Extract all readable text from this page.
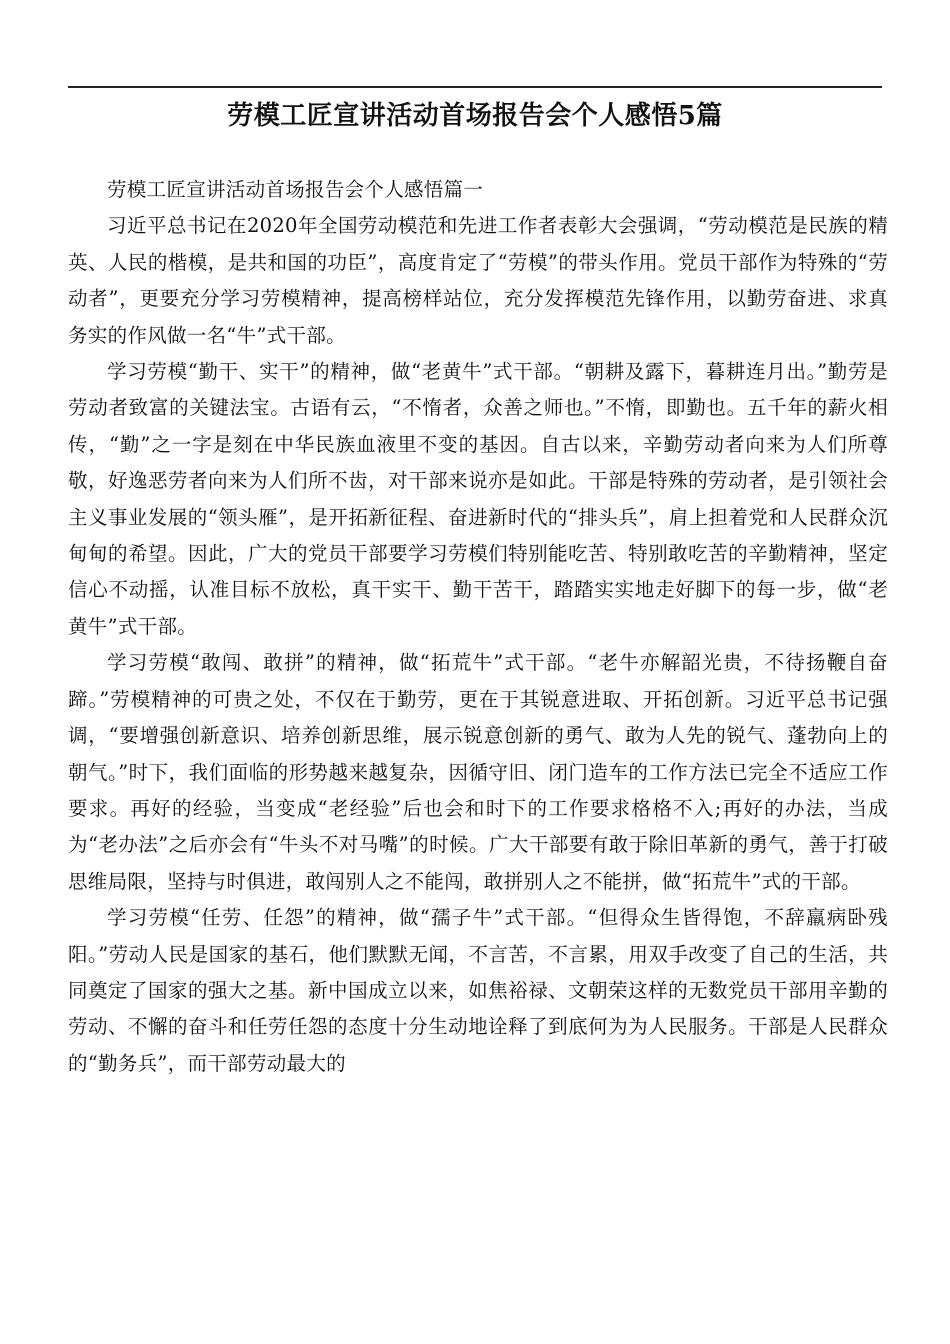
劳模工匠宣讲活动首场报告会个人感悟5篇

劳模工匠宣讲活动首场报告会个人感悟篇一

习近平总书记在2020年全国劳动模范和先进工作者表彰大会强调，“劳动模范是民族的精英、人民的楷模，是共和国的功臣”，高度肯定了“劳模”的带头作用。党员干部作为特殊的“劳动者”，更要充分学习劳模精神，提高榜样站位，充分发挥模范先锋作用，以勤劳奋进、求真务实的作风做一名“牛”式干部。

学习劳模“勤干、实干”的精神，做“老黄牛”式干部。“朝耕及露下，暮耕连月出。”勤劳是劳动者致富的关键法宝。古语有云，“不惰者，众善之师也。”不惰，即勤也。五千年的薪火相传，“勤”之一字是刻在中华民族血液里不变的基因。自古以来，辛勤劳动者向来为人们所尊敬，好逸恶劳者向来为人们所不齿，对干部来说亦是如此。干部是特殊的劳动者，是引领社会主义事业发展的“领头雁”，是开拓新征程、奋进新时代的“排头兵”，肩上担着党和人民群众沉甸甸的希望。因此，广大的党员干部要学习劳模们特别能吃苦、特别敢吃苦的辛勤精神，坚定信心不动摇，认准目标不放松，真干实干、勤干苦干，踏踏实实地走好脚下的每一步，做“老黄牛”式干部。

学习劳模“敢闯、敢拼”的精神，做“拓荒牛”式干部。“老牛亦解韶光贵，不待扬鞭自奋蹄。”劳模精神的可贵之处，不仅在于勤劳，更在于其锐意进取、开拓创新。习近平总书记强调，“要增强创新意识、培养创新思维，展示锐意创新的勇气、敢为人先的锐气、蓬勃向上的朝气。”时下，我们面临的形势越来越复杂，因循守旧、闭门造车的工作方法已完全不适应工作要求。再好的经验，当变成“老经验”后也会和时下的工作要求格格不入;再好的办法，当成为“老办法”之后亦会有“牛头不对马嘴”的时候。广大干部要有敢于除旧革新的勇气，善于打破思维局限，坚持与时俱进，敢闯别人之不能闯，敢拼别人之不能拼，做“拓荒牛”式的干部。

学习劳模“任劳、任怨”的精神，做“孺子牛”式干部。“但得众生皆得饱，不辞羸病卧残阳。”劳动人民是国家的基石，他们默默无闻，不言苦，不言累，用双手改变了自己的生活，共同奠定了国家的强大之基。新中国成立以来，如焦裕禄、文朝荣这样的无数党员干部用辛勤的劳动、不懈的奋斗和任劳任怨的态度十分生动地诠释了到底何为为人民服务。干部是人民群众的“勤务兵”，而干部劳动最大的
